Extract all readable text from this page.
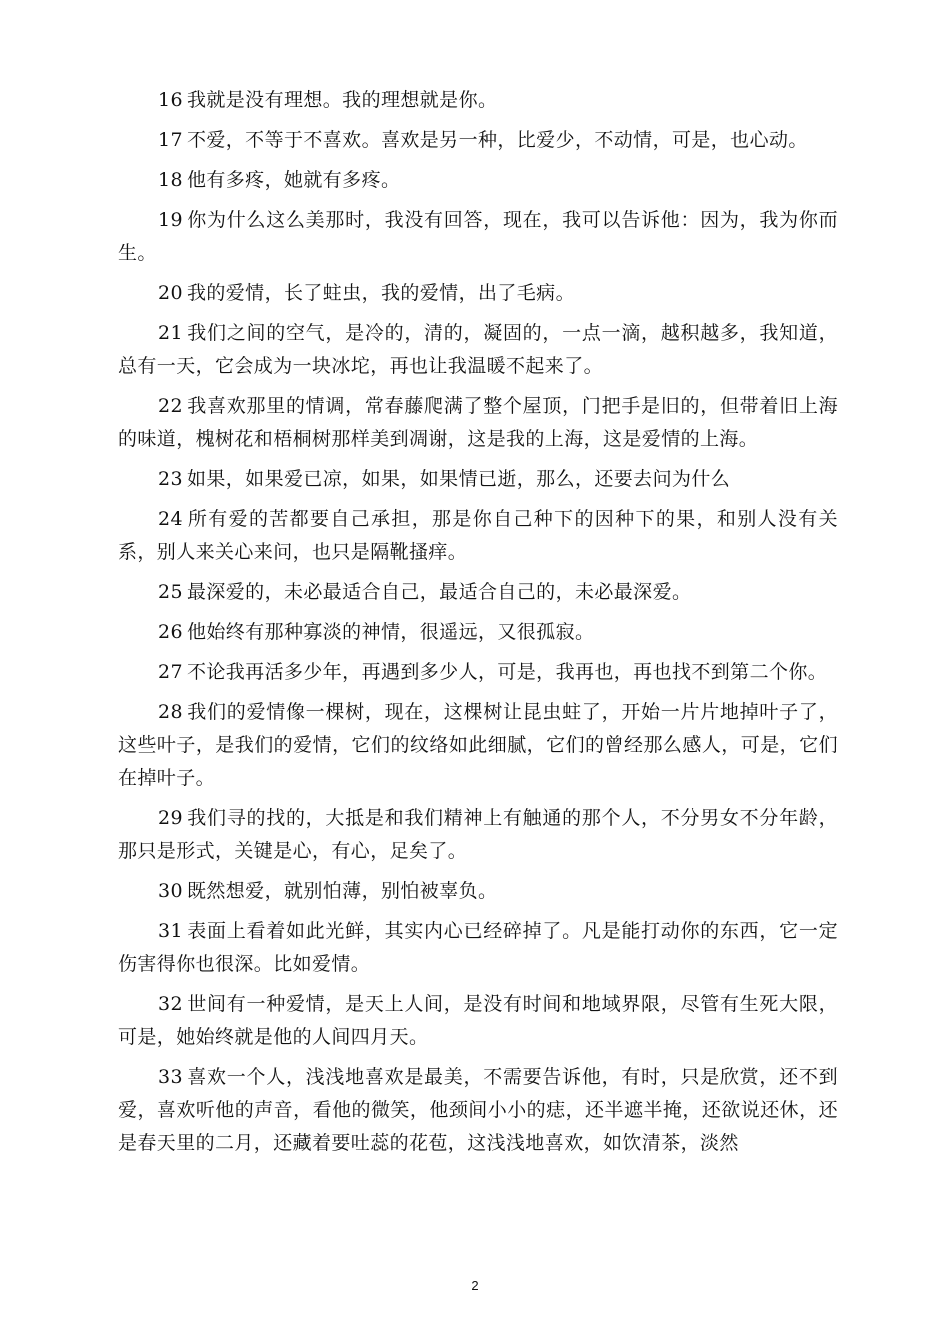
16 我就是没有理想。我的理想就是你。

17 不爱，不等于不喜欢。喜欢是另一种，比爱少，不动情，可是，也心动。

18 他有多疼，她就有多疼。

19 你为什么这么美那时，我没有回答，现在，我可以告诉他：因为，我为你而生。

20 我的爱情，长了蛀虫，我的爱情，出了毛病。

21 我们之间的空气，是冷的，清的，凝固的，一点一滴，越积越多，我知道，总有一天，它会成为一块冰坨，再也让我温暖不起来了。

22 我喜欢那里的情调，常春藤爬满了整个屋顶，门把手是旧的，但带着旧上海的味道，槐树花和梧桐树那样美到凋谢，这是我的上海，这是爱情的上海。

23 如果，如果爱已凉，如果，如果情已逝，那么，还要去问为什么

24 所有爱的苦都要自己承担，那是你自己种下的因种下的果，和别人没有关系，别人来关心来问，也只是隔靴搔痒。

25 最深爱的，未必最适合自己，最适合自己的，未必最深爱。

26 他始终有那种寡淡的神情，很遥远，又很孤寂。

27 不论我再活多少年，再遇到多少人，可是，我再也，再也找不到第二个你。

28 我们的爱情像一棵树，现在，这棵树让昆虫蛀了，开始一片片地掉叶子了，这些叶子，是我们的爱情，它们的纹络如此细腻，它们的曾经那么感人，可是，它们在掉叶子。

29 我们寻的找的，大抵是和我们精神上有触通的那个人，不分男女不分年龄，那只是形式，关键是心，有心，足矣了。

30 既然想爱，就别怕薄，别怕被辜负。

31 表面上看着如此光鲜，其实内心已经碎掉了。凡是能打动你的东西，它一定伤害得你也很深。比如爱情。

32 世间有一种爱情，是天上人间，是没有时间和地域界限，尽管有生死大限，可是，她始终就是他的人间四月天。

33 喜欢一个人，浅浅地喜欢是最美，不需要告诉他，有时，只是欣赏，还不到爱，喜欢听他的声音，看他的微笑，他颈间小小的痣，还半遮半掩，还欲说还休，还是春天里的二月，还藏着要吐蕊的花苞，这浅浅地喜欢，如饮清茶，淡然

2
